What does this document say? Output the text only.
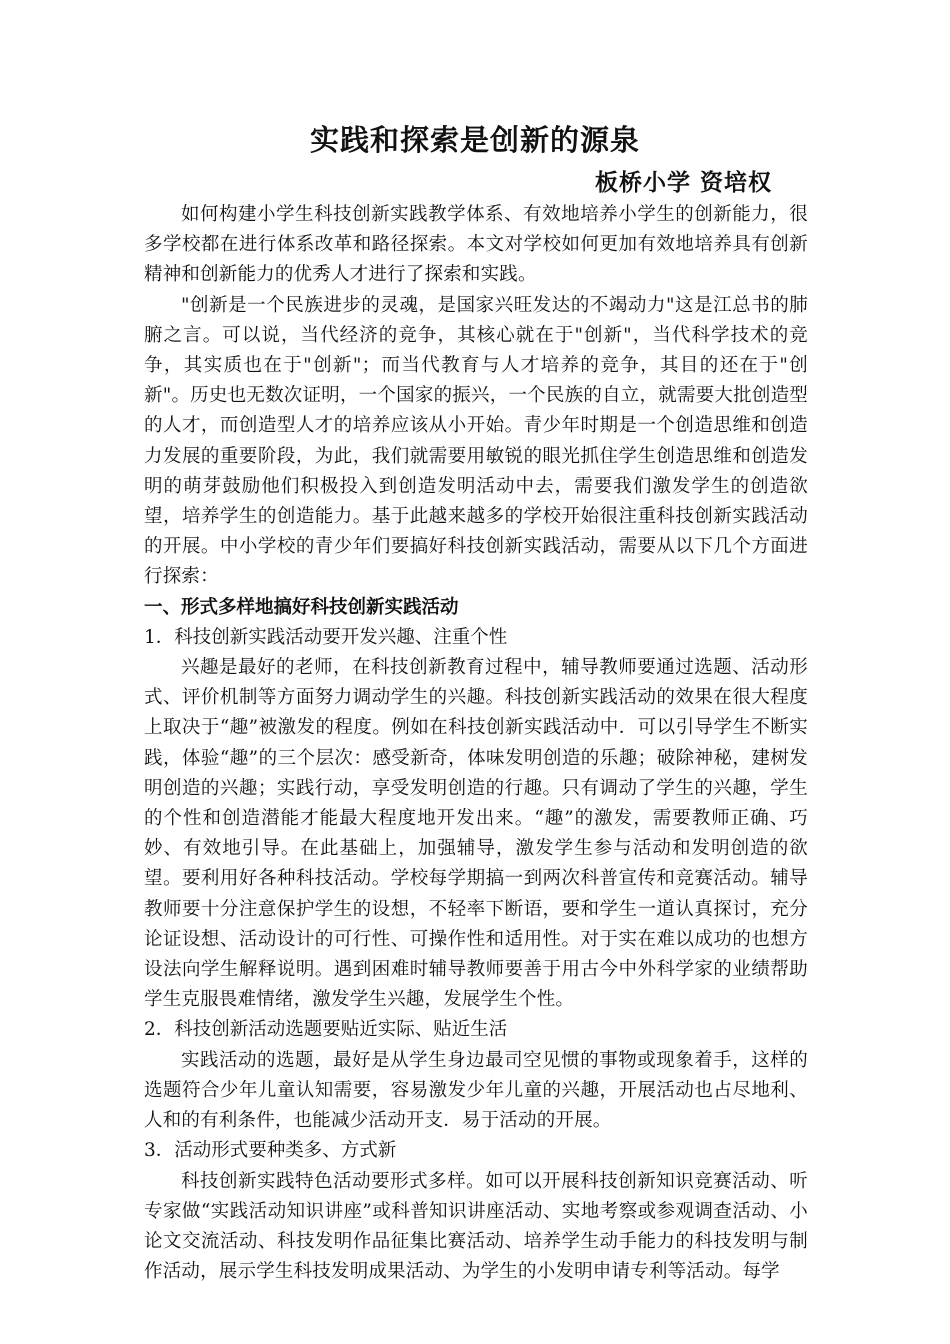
实践和探索是创新的源泉
板桥小学 资培权

如何构建小学生科技创新实践教学体系、有效地培养小学生的创新能力，很多学校都在进行体系改革和路径探索。本文对学校如何更加有效地培养具有创新精神和创新能力的优秀人才进行了探索和实践。

"创新是一个民族进步的灵魂，是国家兴旺发达的不竭动力"这是江总书的肺腑之言。可以说，当代经济的竞争，其核心就在于"创新"，当代科学技术的竞争，其实质也在于"创新"；而当代教育与人才培养的竞争，其目的还在于"创新"。历史也无数次证明，一个国家的振兴，一个民族的自立，就需要大批创造型的人才，而创造型人才的培养应该从小开始。青少年时期是一个创造思维和创造力发展的重要阶段，为此，我们就需要用敏锐的眼光抓住学生创造思维和创造发明的萌芽鼓励他们积极投入到创造发明活动中去，需要我们激发学生的创造欲望，培养学生的创造能力。基于此越来越多的学校开始很注重科技创新实践活动的开展。中小学校的青少年们要搞好科技创新实践活动，需要从以下几个方面进行探索：

一、形式多样地搞好科技创新实践活动

1．科技创新实践活动要开发兴趣、注重个性

兴趣是最好的老师，在科技创新教育过程中，辅导教师要通过选题、活动形式、评价机制等方面努力调动学生的兴趣。科技创新实践活动的效果在很大程度上取决于“趣”被激发的程度。例如在科技创新实践活动中．可以引导学生不断实践，体验“趣”的三个层次：感受新奇，体味发明创造的乐趣；破除神秘，建树发明创造的兴趣；实践行动，享受发明创造的行趣。只有调动了学生的兴趣，学生的个性和创造潜能才能最大程度地开发出来。“趣”的激发，需要教师正确、巧妙、有效地引导。在此基础上，加强辅导，激发学生参与活动和发明创造的欲望。要利用好各种科技活动。学校每学期搞一到两次科普宣传和竞赛活动。辅导教师要十分注意保护学生的设想，不轻率下断语，要和学生一道认真探讨，充分论证设想、活动设计的可行性、可操作性和适用性。对于实在难以成功的也想方设法向学生解释说明。遇到困难时辅导教师要善于用古今中外科学家的业绩帮助学生克服畏难情绪，激发学生兴趣，发展学生个性。

2．科技创新活动选题要贴近实际、贴近生活

实践活动的选题，最好是从学生身边最司空见惯的事物或现象着手，这样的选题符合少年儿童认知需要，容易激发少年儿童的兴趣，开展活动也占尽地利、人和的有利条件，也能减少活动开支．易于活动的开展。

3．活动形式要种类多、方式新

科技创新实践特色活动要形式多样。如可以开展科技创新知识竞赛活动、听专家做“实践活动知识讲座”或科普知识讲座活动、实地考察或参观调查活动、小论文交流活动、科技发明作品征集比赛活动、培养学生动手能力的科技发明与制作活动，展示学生科技发明成果活动、为学生的小发明申请专利等活动。每学
